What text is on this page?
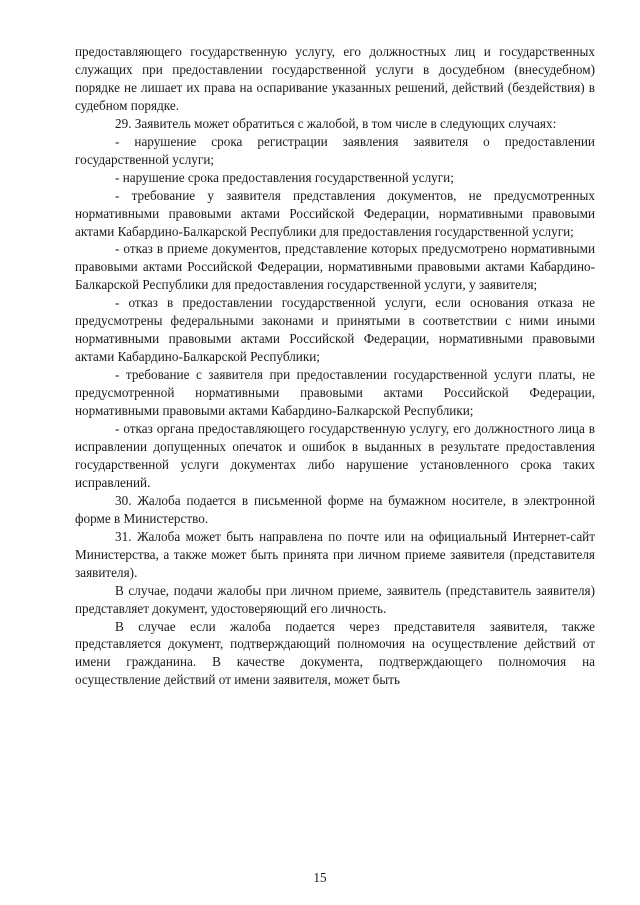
предоставляющего государственную услугу, его должностных лиц и государственных служащих при предоставлении государственной услуги в досудебном (внесудебном) порядке не лишает их права на оспаривание указанных решений, действий (бездействия) в судебном порядке.

29. Заявитель может обратиться с жалобой, в том числе в следующих случаях:

- нарушение срока регистрации заявления заявителя о предоставлении государственной услуги;

- нарушение срока предоставления государственной услуги;

- требование у заявителя представления документов, не предусмотренных нормативными правовыми актами Российской Федерации, нормативными правовыми актами Кабардино-Балкарской Республики для предоставления государственной услуги;

- отказ в приеме документов, представление которых предусмотрено нормативными правовыми актами Российской Федерации, нормативными правовыми актами Кабардино-Балкарской Республики для предоставления государственной услуги, у заявителя;

- отказ в предоставлении государственной услуги, если основания отказа не предусмотрены федеральными законами и принятыми в соответствии с ними иными нормативными правовыми актами Российской Федерации, нормативными правовыми актами Кабардино-Балкарской Республики;

- требование с заявителя при предоставлении государственной услуги платы, не предусмотренной нормативными правовыми актами Российской Федерации, нормативными правовыми актами Кабардино-Балкарской Республики;

- отказ органа предоставляющего государственную услугу, его должностного лица в исправлении допущенных опечаток и ошибок в выданных в результате предоставления государственной услуги документах либо нарушение установленного срока таких исправлений.

30. Жалоба подается в письменной форме на бумажном носителе, в электронной форме в Министерство.

31. Жалоба может быть направлена по почте или на официальный Интернет-сайт Министерства, а также может быть принята при личном приеме заявителя (представителя заявителя).

В случае, подачи жалобы при личном приеме, заявитель (представитель заявителя) представляет документ, удостоверяющий его личность.

В случае если жалоба подается через представителя заявителя, также представляется документ, подтверждающий полномочия на осуществление действий от имени гражданина. В качестве документа, подтверждающего полномочия на осуществление действий от имени заявителя, может быть

15
